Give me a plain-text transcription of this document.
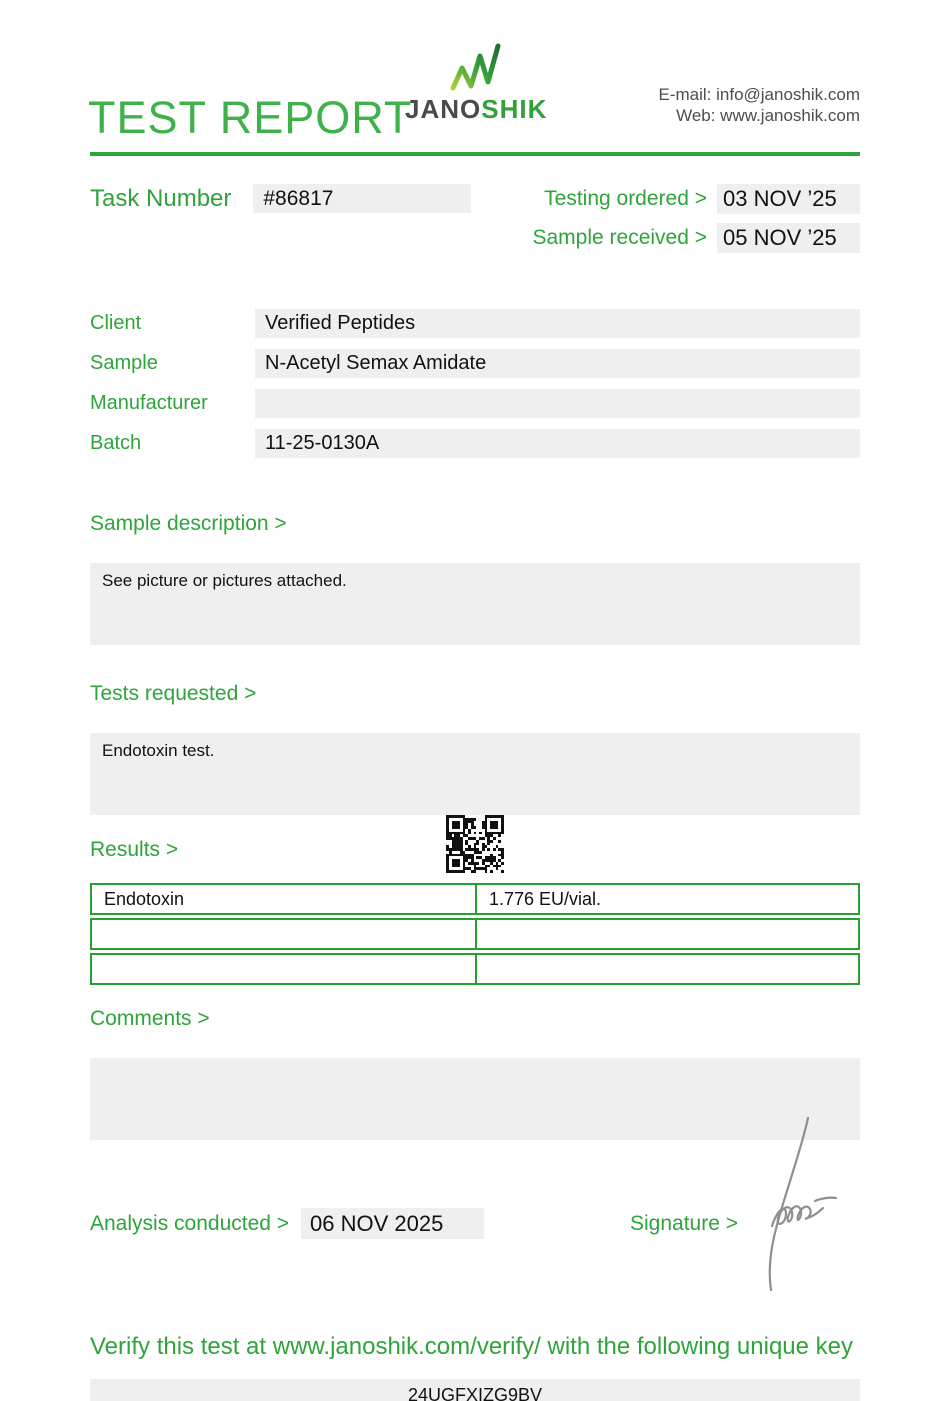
TEST REPORT
JANOSHIK	E-mail: info@janoshik.com
Web: www.janoshik.com
Task Number	#86817	Testing ordered > 03 NOV ’25
Sample received > 05 NOV ’25
Client	Verified Peptides
Sample	N-Acetyl Semax Amidate
Manufacturer
Batch	11-25-0130A
Sample description >
See picture or pictures attached.
Tests requested >
Endotoxin test.
Results >
Endotoxin	1.776 EU/vial.
Comments >
Analysis conducted > 06 NOV 2025	Signature >
Verify this test at www.janoshik.com/verify/ with the following unique key
24UGFXIZG9BV
